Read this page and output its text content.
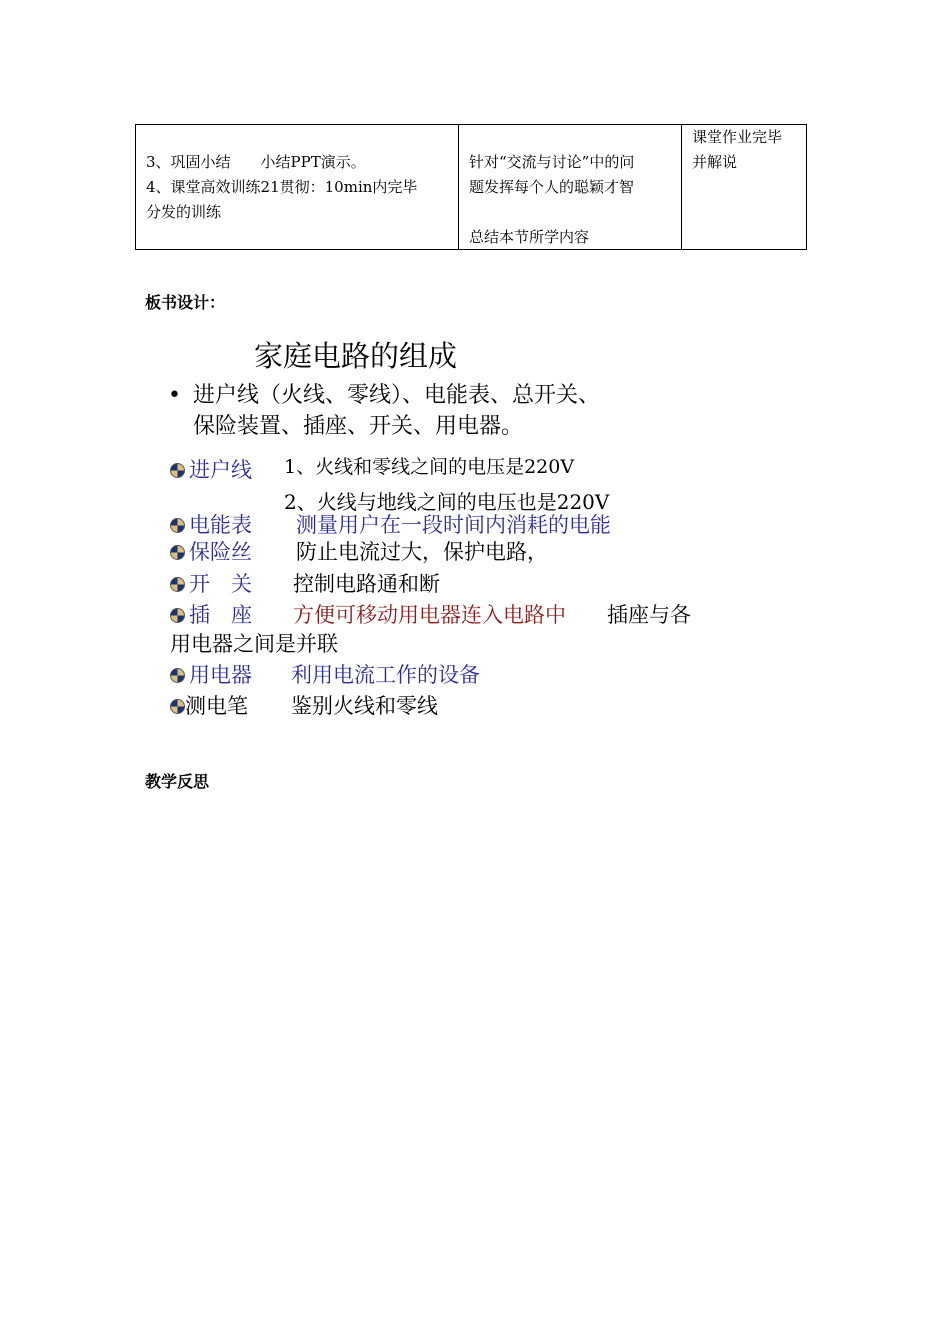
3、巩固小结　　小结PPT演示。
4、课堂高效训练21贯彻：10min内完毕
分发的训练

针对“交流与讨论”中的问
题发挥每个人的聪颖才智
总结本节所学内容

课堂作业完毕
并解说
板书设计：
家庭电路的组成
• 进户线（火线、零线）、电能表、总开关、
保险装置、插座、开关、用电器。
进户线 1、火线和零线之间的电压是220V
2、火线与地线之间的电压也是220V
电能表 测量用户在一段时间内消耗的电能
保险丝 防止电流过大，保护电路，
开　关 控制电路通和断
插　座 方便可移动用电器连入电路中 插座与各
用电器之间是并联
用电器 利用电流工作的设备
测电笔 鉴别火线和零线
教学反思
